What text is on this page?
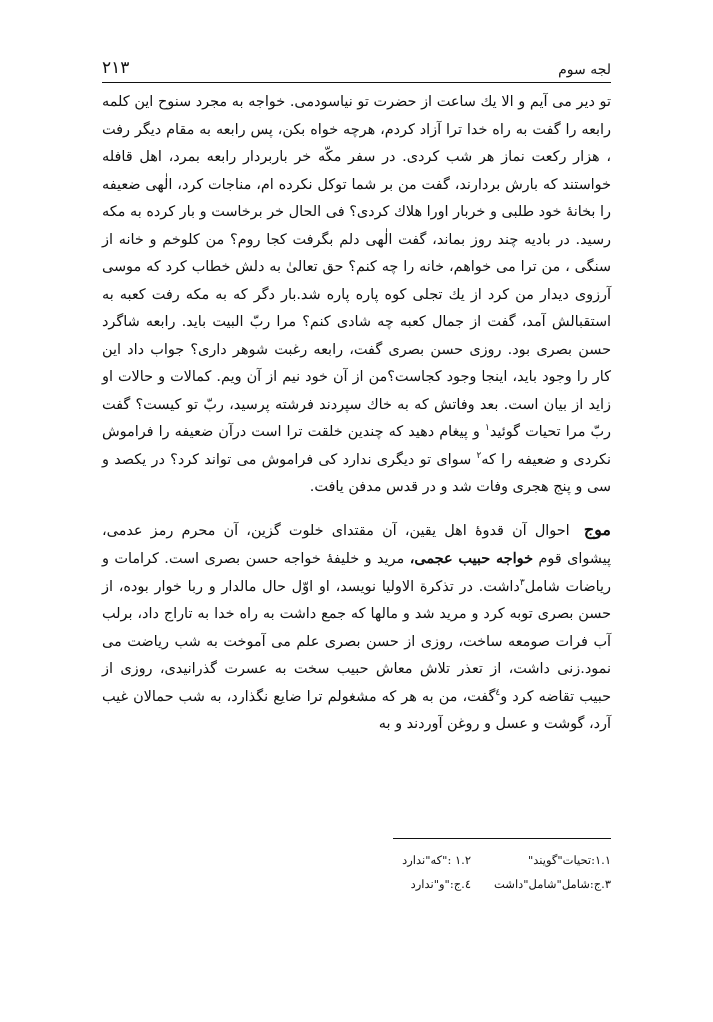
لجه سوم
۲۱۳

تو دیر می آیم و الا یك ساعت از حضرت تو نیاسودمی. خواجه به مجرد سنوح این کلمه رابعه را گفت به راه خدا ترا آزاد کردم، هرچه خواه بکن، پس رابعه به مقام دیگر رفت ، هزار رکعت نماز هر شب کردی. در سفر مکّه خر باربردار رابعه بمرد، اهل قافله خواستند که بارش بردارند، گفت من بر شما توکل نکرده ام، مناجات کرد، الٰهی ضعیفه را بخانهٔ خود طلبی و خربار اورا هلاك کردی؟ فی الحال خر برخاست و بار کرده به مکه رسید. در بادیه چند روز بماند، گفت الٰهی دلم بگرفت کجا روم؟ من کلوخم و خانه از سنگی ، من ترا می خواهم، خانه را چه کنم؟ حق تعالیٰ به دلش خطاب کرد که موسی آرزوی دیدار من کرد از یك تجلی کوه پاره پاره شد.بار دگر که به مکه رفت کعبه به استقبالش آمد، گفت از جمال کعبه چه شادی کنم؟ مرا ربّ البیت باید. رابعه شاگرد حسن بصری بود. روزی حسن بصری گفت، رابعه رغبت شوهر داری؟ جواب داد این کار را وجود باید، اینجا وجود کجاست؟من از آن خود نیم از آن ویم. کمالات و حالات او زاید از بیان است. بعد وفاتش که به خاك سپردند فرشته پرسید، ربّ تو کیست؟ گفت ربّ مرا تحیات گوئید$^۱$ و پیغام دهید که چندین خلقت ترا است درآن ضعیفه را فراموش نکردی و ضعیفه را که$^۲$ سوای تو دیگری ندارد کی فراموش می تواند کرد؟ در یکصد و سی و پنج هجری وفات شد و در قدس مدفن یافت.

موج احوال آن قدوهٔ اهل یقین، آن مقتدای خلوت گزین، آن محرم رمز عدمی، پیشوای قوم خواجه حبیب عجمی، مرید و خلیفهٔ خواجه حسن بصری است. کرامات و ریاضات شامل$^۳$داشت. در تذکرة الاولیا نویسد، او اوّل حال مالدار و ربا خوار بوده، از حسن بصری توبه کرد و مرید شد و مالها که جمع داشت به راه خدا به تاراج داد، برلب آب فرات صومعه ساخت، روزی از حسن بصری علم می آموخت به شب ریاضت می نمود.زنی داشت، از تعذر تلاش معاش حبیب سخت به عسرت گذرانیدی، روزی از حبیب تقاضه کرد و$^٤$گفت، من به هر که مشغولم ترا ضایع نگذارد، به شب حمالان غیب آرد، گوشت و عسل و روغن آوردند و به

۱.۱:تحیات"گویند"
۱.۲ :"که"ندارد
۳.ج:شامل"شامل"داشت
٤.ج:"و"ندارد
